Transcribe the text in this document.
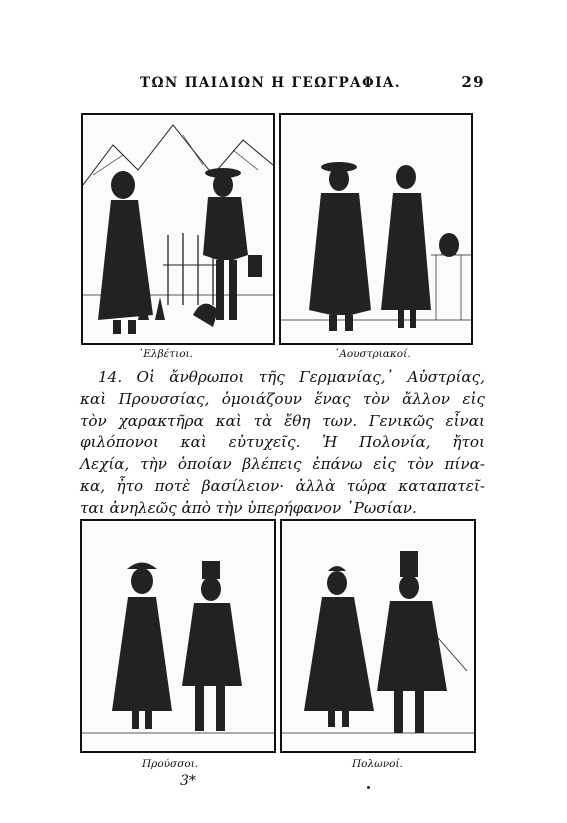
ΤΩΝ ΠΑΙΔΙΩΝ Η ΓΕΩΓΡΑΦΙΑ.	29
᾿Ελβέτιοι.	᾿Αουστριακοί.
14. Οἱ ἄνθρωποι τῆς Γερμανίας,᾿ Αὐστρίας,
καὶ Προυσσίας, ὁμοιάζουν ἕνας τὸν ἄλλον εἰς
τὸν χαρακτῆρα καὶ τὰ ἔθη των. Γενικῶς εἶναι
φιλόπονοι καὶ εὐτυχεῖς. Ἡ Πολονία, ἤτοι
Λεχία, τὴν ὁποίαν βλέπεις ἐπάνω εἰς τὸν πίνα-
κα, ἦτο ποτὲ βασίλειον· ἀλλὰ τώρα καταπατεῖ-
ται ἀνηλεῶς ἀπὸ τὴν ὑπερήφανον ῾Ρωσίαν.
Προύσσοι.	Πολωνοί.
3*
